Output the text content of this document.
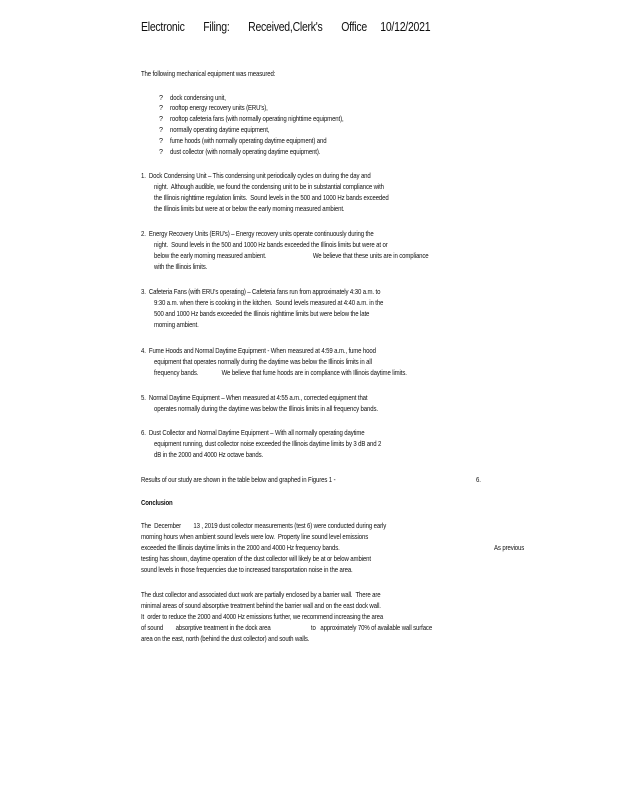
Electronic       Filing:       Received,Clerk's       Office     10/12/2021
The following mechanical equipment was measured:
? dock condensing unit,
? rooftop energy recovery units (ERU's),
? rooftop cafeteria fans (with normally operating nighttime equipment),
? normally operating daytime equipment,
? fume hoods (with normally operating daytime equipment) and
? dust collector (with normally operating daytime equipment).
1.  Dock Condensing Unit – This condensing unit periodically cycles on during the day and
night.  Although audible, we found the condensing unit to be in substantial compliance with
the Illinois nighttime regulation limits.  Sound levels in the 500 and 1000 Hz bands exceeded
the Illinois limits but were at or below the early morning measured ambient.
2.  Energy Recovery Units (ERU's) – Energy recovery units operate continuously during the
night.  Sound levels in the 500 and 1000 Hz bands exceeded the Illinois limits but were at or
below the early morning measured ambient.                              We believe that these units are in compliance
with the Illinois limits.
3.  Cafeteria Fans (with ERU's operating) – Cafeteria fans run from approximately 4:30 a.m. to
9:30 a.m. when there is cooking in the kitchen.  Sound levels measured at 4:40 a.m. in the
500 and 1000 Hz bands exceeded the Illinois nighttime limits but were below the late
morning ambient.
4.  Fume Hoods and Normal Daytime Equipment - When measured at 4:59 a.m., fume hood
equipment that operates normally during the daytime was below the Illinois limits in all
frequency bands.               We believe that fume hoods are in compliance with Illinois daytime limits.
5.  Normal Daytime Equipment – When measured at 4:55 a.m., corrected equipment that
operates normally during the daytime was below the Illinois limits in all frequency bands.
6.  Dust Collector and Normal Daytime Equipment – With all normally operating daytime
equipment running, dust collector noise exceeded the Illinois daytime limits by 3 dB and 2
dB in the 2000 and 4000 Hz octave bands.
Results of our study are shown in the table below and graphed in Figures 1 -	6.
Conclusion
The  December        13 , 2019 dust collector measurements (test 6) were conducted during early
morning hours when ambient sound levels were low.  Property line sound level emissions
exceeded the Illinois daytime limits in the 2000 and 4000 Hz frequency bands.	As previous
testing has shown, daytime operation of the dust collector will likely be at or below ambient
sound levels in those frequencies due to increased transportation noise in the area.
The dust collector and associated duct work are partially enclosed by a barrier wall.  There are
minimal areas of sound absorptive treatment behind the barrier wall and on the east dock wall.
It  order to reduce the 2000 and 4000 Hz emissions further, we recommend increasing the area
of sound        absorptive treatment in the dock area                          to   approximately 70% of available wall surface
area on the east, north (behind the dust collector) and south walls.
